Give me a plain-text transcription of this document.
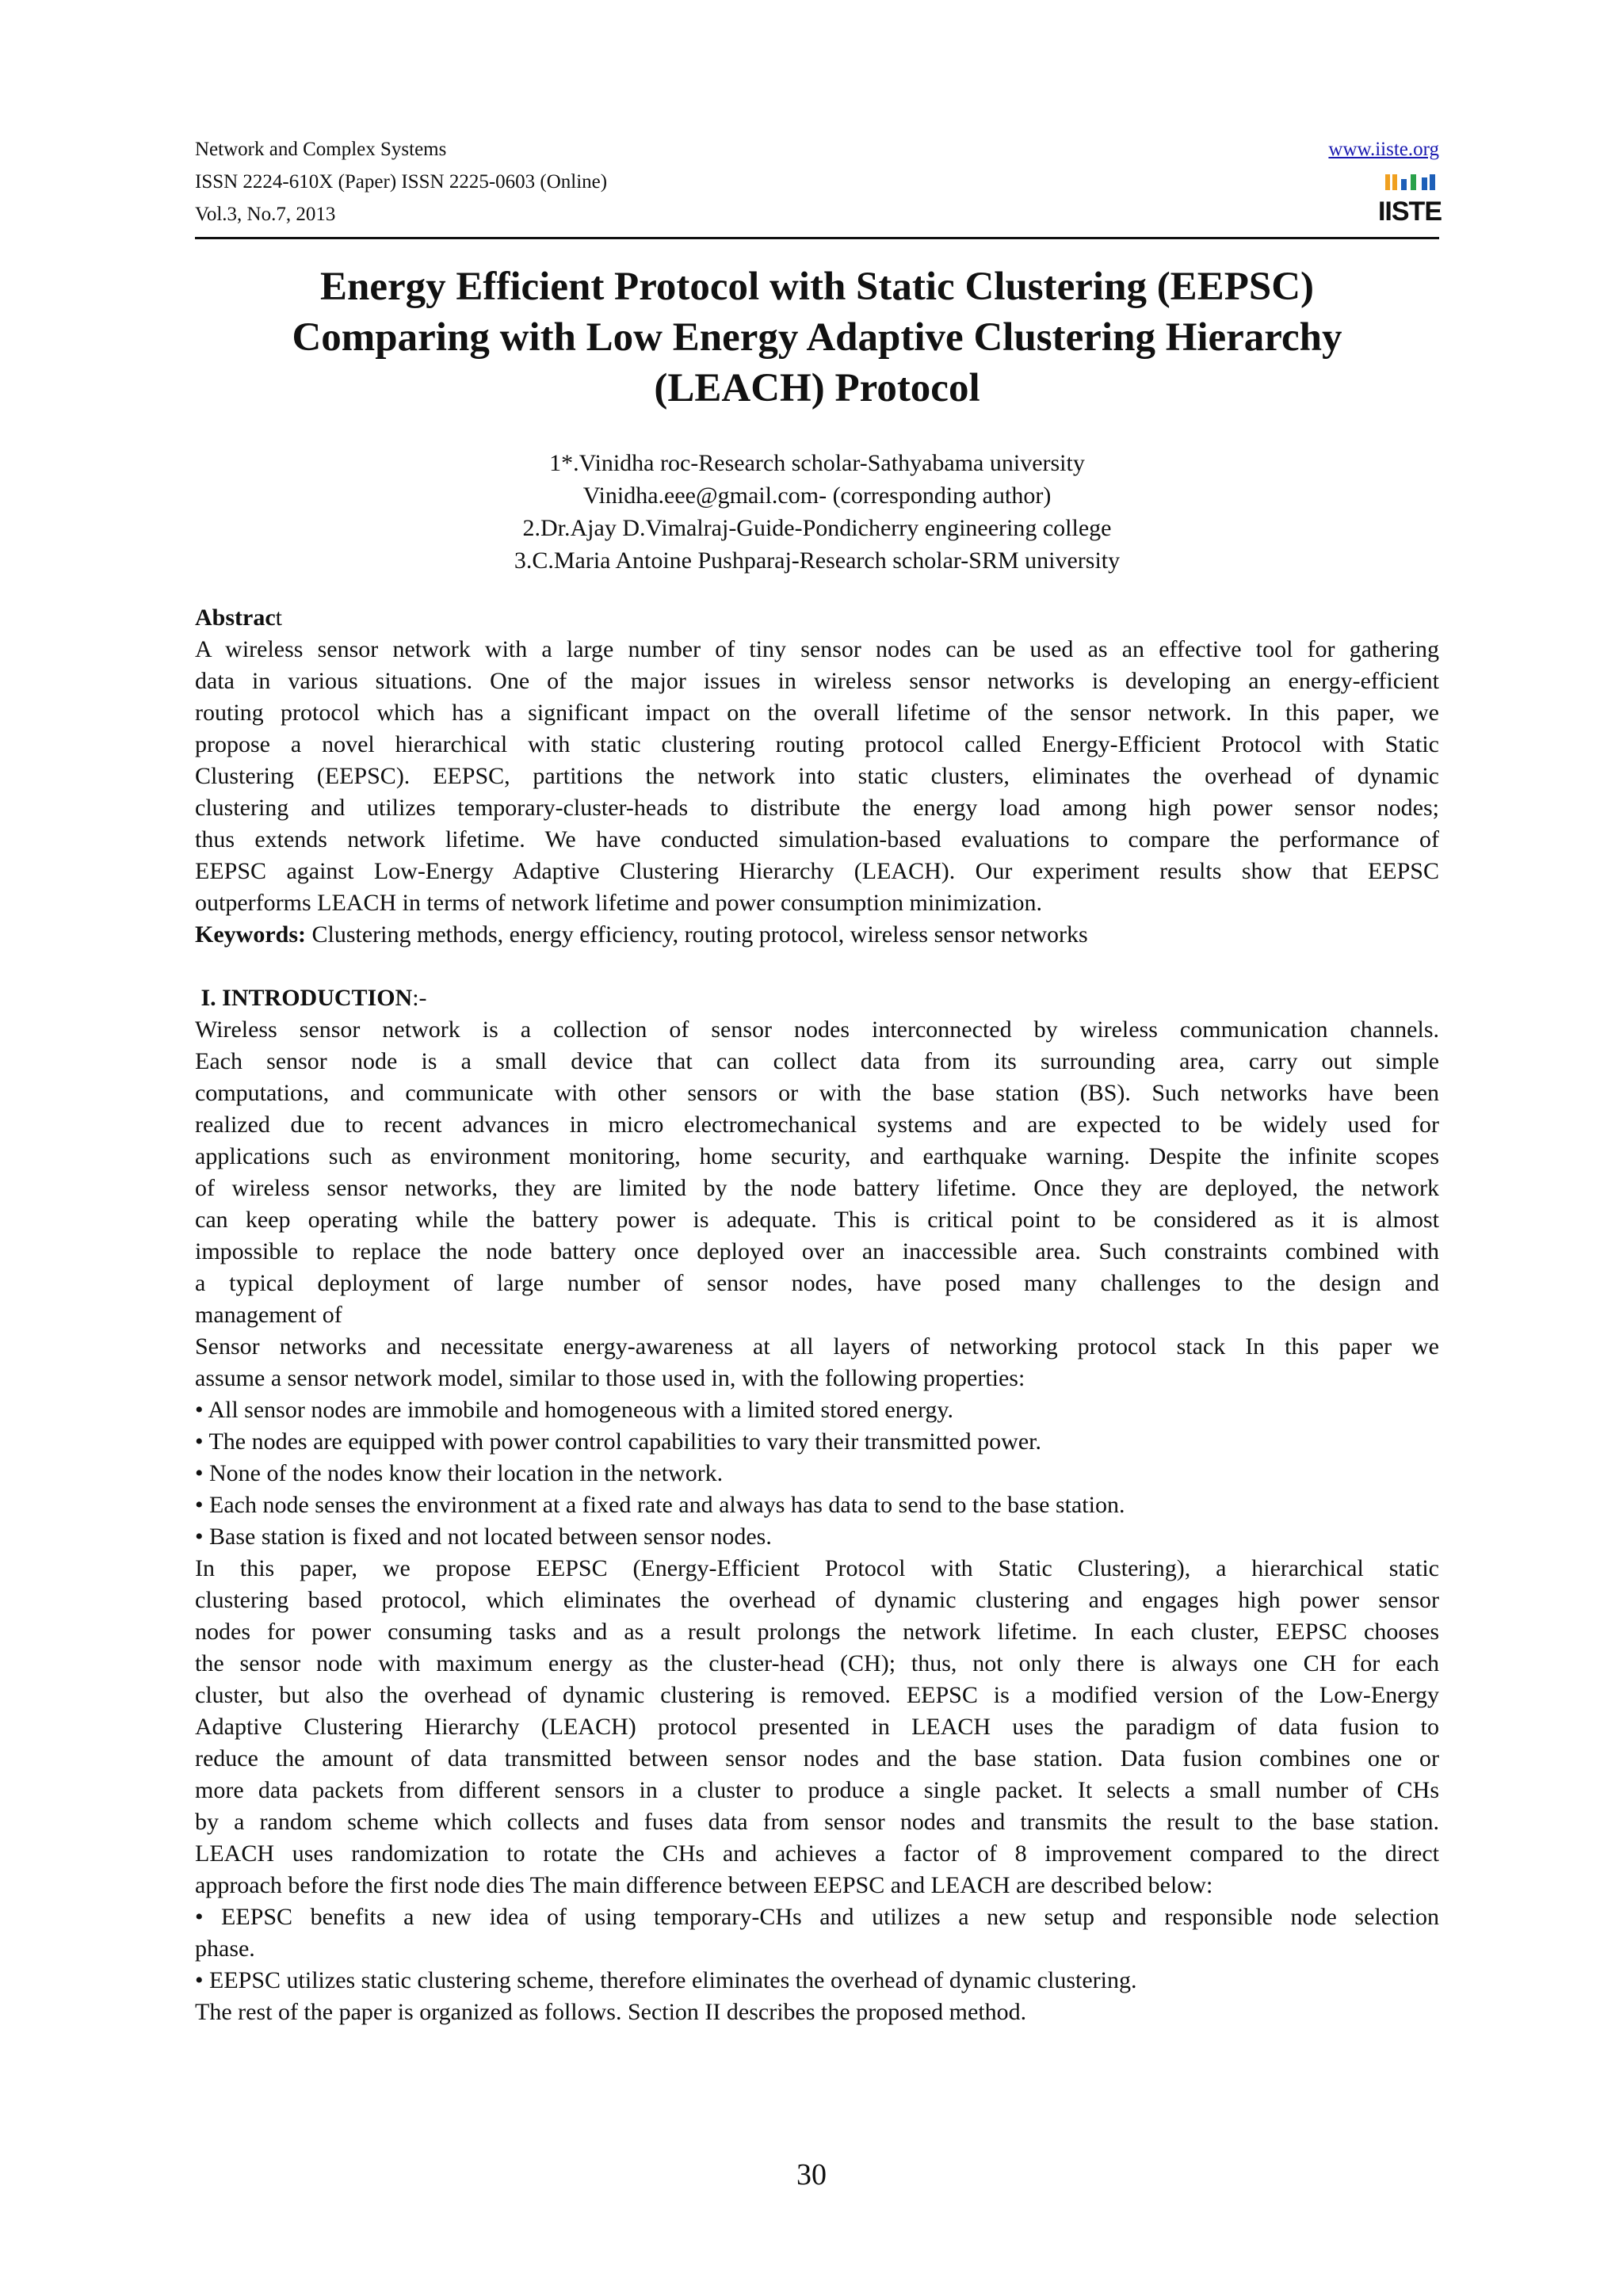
Network and Complex Systems
ISSN 2224-610X (Paper) ISSN 2225-0603 (Online)
Vol.3, No.7, 2013
www.iiste.org
IISTE
Energy Efficient Protocol with Static Clustering (EEPSC)
Comparing with Low Energy Adaptive Clustering Hierarchy
(LEACH) Protocol
1*.Vinidha roc-Research scholar-Sathyabama university
Vinidha.eee@gmail.com- (corresponding author)
2.Dr.Ajay D.Vimalraj-Guide-Pondicherry engineering college
3.C.Maria Antoine Pushparaj-Research scholar-SRM university
Abstract
A wireless sensor network with a large number of tiny sensor nodes can be used as an effective tool for gathering
data in various situations. One of the major issues in wireless sensor networks is developing an energy-efficient
routing protocol which has a significant impact on the overall lifetime of the sensor network. In this paper, we
propose a novel hierarchical with static clustering routing protocol called Energy-Efficient Protocol with Static
Clustering (EEPSC). EEPSC, partitions the network into static clusters, eliminates the overhead of dynamic
clustering and utilizes temporary-cluster-heads to distribute the energy load among high power sensor nodes;
thus extends network lifetime. We have conducted simulation-based evaluations to compare the performance of
EEPSC against Low-Energy Adaptive Clustering Hierarchy (LEACH). Our experiment results show that EEPSC
outperforms LEACH in terms of network lifetime and power consumption minimization.
Keywords: Clustering methods, energy efficiency, routing protocol, wireless sensor networks
I. INTRODUCTION:-
Wireless sensor network is a collection of sensor nodes interconnected by wireless communication channels.
Each sensor node is a small device that can collect data from its surrounding area, carry out simple
computations, and communicate with other sensors or with the base station (BS). Such networks have been
realized due to recent advances in micro electromechanical systems and are expected to be widely used for
applications such as environment monitoring, home security, and earthquake warning. Despite the infinite scopes
of wireless sensor networks, they are limited by the node battery lifetime. Once they are deployed, the network
can keep operating while the battery power is adequate. This is critical point to be considered as it is almost
impossible to replace the node battery once deployed over an inaccessible area. Such constraints combined with
a typical deployment of large number of sensor nodes, have posed many challenges to the design and
management of
Sensor networks and necessitate energy-awareness at all layers of networking protocol stack In this paper we
assume a sensor network model, similar to those used in, with the following properties:
• All sensor nodes are immobile and homogeneous with a limited stored energy.
• The nodes are equipped with power control capabilities to vary their transmitted power.
• None of the nodes know their location in the network.
• Each node senses the environment at a fixed rate and always has data to send to the base station.
• Base station is fixed and not located between sensor nodes.
In this paper, we propose EEPSC (Energy-Efficient Protocol with Static Clustering), a hierarchical static
clustering based protocol, which eliminates the overhead of dynamic clustering and engages high power sensor
nodes for power consuming tasks and as a result prolongs the network lifetime. In each cluster, EEPSC chooses
the sensor node with maximum energy as the cluster-head (CH); thus, not only there is always one CH for each
cluster, but also the overhead of dynamic clustering is removed. EEPSC is a modified version of the Low-Energy
Adaptive Clustering Hierarchy (LEACH) protocol presented in LEACH uses the paradigm of data fusion to
reduce the amount of data transmitted between sensor nodes and the base station. Data fusion combines one or
more data packets from different sensors in a cluster to produce a single packet. It selects a small number of CHs
by a random scheme which collects and fuses data from sensor nodes and transmits the result to the base station.
LEACH uses randomization to rotate the CHs and achieves a factor of 8 improvement compared to the direct
approach before the first node dies The main difference between EEPSC and LEACH are described below:
• EEPSC benefits a new idea of using temporary-CHs and utilizes a new setup and responsible node selection
phase.
• EEPSC utilizes static clustering scheme, therefore eliminates the overhead of dynamic clustering.
The rest of the paper is organized as follows. Section II describes the proposed method.
30
